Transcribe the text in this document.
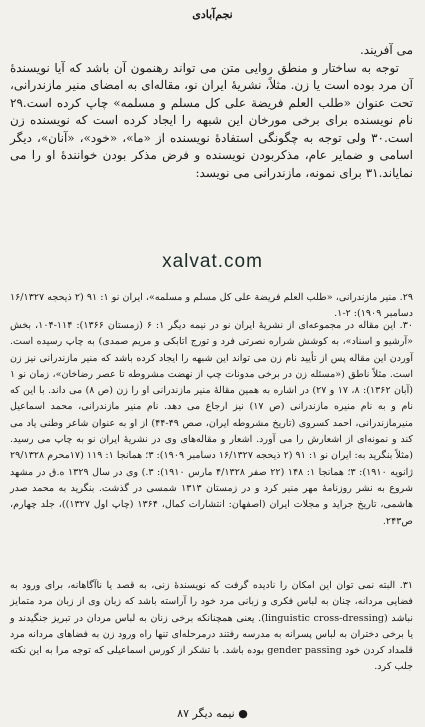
نجم‌آبادی

می آفریند.

توجه به ساختار و منطق روایی متن می تواند رهنمون آن باشد که آیا نویسندهٔ آن مرد بوده است یا زن. مثلاً، نشریهٔ ایران نو، مقاله‌ای به امضای منیر مازندرانی، تحت عنوان «طلب العلم فریضة علی کل مسلم و مسلمه» چاپ کرده است.۲۹ نام نویسنده برای برخی مورخان این شبهه را ایجاد کرده است که نویسنده زن است.۳۰ ولی توجه به چگونگی استفادهٔ نویسنده از «ما»، «خود»، «آنان»، دیگر اسامی و ضمایر عام، مذکربودن نویسنده و فرض مذکر بودن خوانندهٔ او را می نمایاند.۳۱ برای نمونه، مازندرانی می نویسد:

xalvat.com

۲۹. منیر مازندرانی، «طلب العلم فریضة علی کل مسلم و مسلمه»، ایران نو ۱: ۹۱ (۲ ذیحجه ۱۶/۱۳۲۷ دسامبر ۱۹۰۹): ۲-۱.

۳۰. این مقاله در مجموعه‌ای از نشریهٔ ایران نو در نیمه دیگر ۱: ۶ (زمستان ۱۳۶۶): ۱۱۴-۱۰۴، بخش «آرشیو و اسناد»، به کوشش شراره نصرتی فرد و تورج اتابکی و مریم صمدی) به چاپ رسیده است. آوردن این مقاله پس از تأیید نام زن می تواند این شبهه را ایجاد کرده باشد که منیر مازندرانی نیز زن است. مثلاً ناطق («مسئله زن در برخی مدونات چپ از نهضت مشروطه تا عصر رضاخان»، زمان نو ۱ (آبان ۱۳۶۲): ۸، ۱۷ و ۲۷) در اشاره به همین مقالهٔ منیر مازندرانی او را زن (ص ۸) می داند. با این که نام و به نام منیره مازندرانی (ص ۱۷) نیز ارجاع می دهد. نام منیر مازندرانی، محمد اسماعیل منیرمازندرانی، احمد کسروی (تاریخ مشروطه ایران، صص ۴۹-۴۴) از او به عنوان شاعر وطنی یاد می کند و نمونه‌ای از اشعارش را می آورد. اشعار و مقاله‌های وی در نشریهٔ ایران نو به چاپ می رسید. (مثلاً بنگرید به: ایران نو ۱: ۹۱ (۲ ذیحجه ۱۶/۱۳۲۷ دسامبر ۱۹۰۹): ۳؛ همانجا ۱: ۱۱۹ (۱۷محرم ۲۹/۱۳۲۸ ژانویه ۱۹۱۰): ۳؛ همانجا ۱: ۱۴۸ (۲۲ صفر ۴/۱۳۲۸ مارس ۱۹۱۰): ۳.) وی در سال ۱۳۲۹ ه.ق در مشهد شروع به نشر روزنامهٔ مهر منیر کرد و در زمستان ۱۳۱۳ شمسی در گذشت. بنگرید به محمد صدر هاشمی، تاریخ جراید و مجلات ایران (اصفهان: انتشارات کمال، ۱۳۶۴ (چاپ اول ۱۳۲۷))، جلد چهارم، ص۲۴۳.

۳۱. البته نمی توان این امکان را نادیده گرفت که نویسندهٔ زنی، به قصد یا ناآگاهانه، برای ورود به فضایی مردانه، چنان به لباس فکری و زبانی مرد خود را آراسته باشد که زبان وی از زبان مرد متمایز نباشد (linguistic cross-dressing). یعنی همچنانکه برخی زنان به لباس مردان در تبریز جنگیدند و یا برخی دختران به لباس پسرانه به مدرسه رفتند درمرحله‌ای تنها راه ورود زن به فضاهای مردانه مرد قلمداد کردن خود gender passing بوده باشد. با تشکر از کورس اسماعیلی که توجه مرا به این نکته جلب کرد.

نیمه دیگر ۸۷ ●
